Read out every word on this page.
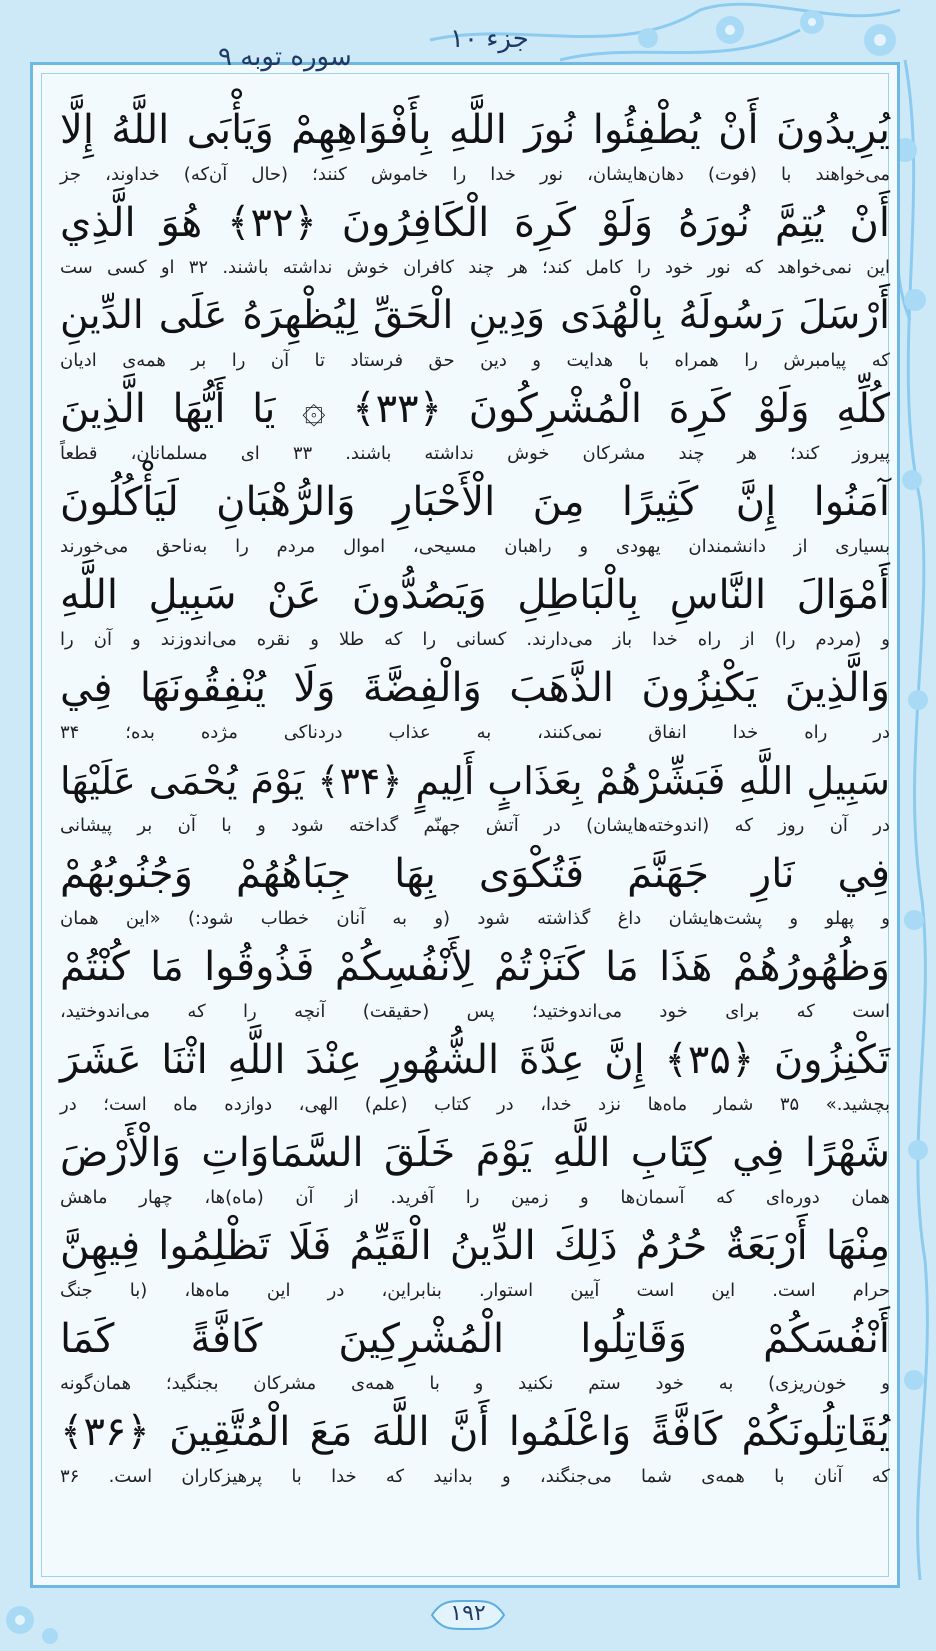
جزء ۱۰
سوره توبه ۹
يُرِيدُونَ أَنْ يُطْفِئُوا نُورَ اللَّهِ بِأَفْوَاهِهِمْ وَيَأْبَى اللَّهُ إِلَّا
می‌خواهند با (فوت) دهان‌هایشان، نور خدا را خاموش کنند؛ (حال آن‌که) خداوند، جز
أَنْ يُتِمَّ نُورَهُ وَلَوْ كَرِهَ الْكَافِرُونَ ﴿۳۲﴾ هُوَ الَّذِي
این نمی‌خواهد که نور خود را کامل کند؛ هر چند کافران خوش نداشته باشند. ۳۲ او کسی ست
أَرْسَلَ رَسُولَهُ بِالْهُدَى وَدِينِ الْحَقِّ لِيُظْهِرَهُ عَلَى الدِّينِ
که پیامبرش را همراه با هدایت و دین حق فرستاد تا آن را بر همه‌ی ادیان
كُلِّهِ وَلَوْ كَرِهَ الْمُشْرِكُونَ ﴿۳۳﴾ ۞ يَا أَيُّهَا الَّذِينَ
پیروز کند؛ هر چند مشرکان خوش نداشته باشند. ۳۳ ای مسلمانان، قطعاً
آمَنُوا إِنَّ كَثِيرًا مِنَ الْأَحْبَارِ وَالرُّهْبَانِ لَيَأْكُلُونَ
بسیاری از دانشمندان یهودی و راهبان مسیحی، اموال مردم را به‌ناحق می‌خورند
أَمْوَالَ النَّاسِ بِالْبَاطِلِ وَيَصُدُّونَ عَنْ سَبِيلِ اللَّهِ
و (مردم را) از راه خدا باز می‌دارند. کسانی را که طلا و نقره می‌اندوزند و آن را
وَالَّذِينَ يَكْنِزُونَ الذَّهَبَ وَالْفِضَّةَ وَلَا يُنْفِقُونَهَا فِي
در راه خدا انفاق نمی‌کنند، به عذاب دردناکی مژده بده؛ ۳۴
سَبِيلِ اللَّهِ فَبَشِّرْهُمْ بِعَذَابٍ أَلِيمٍ ﴿۳۴﴾ يَوْمَ يُحْمَى عَلَيْهَا
در آن روز که (اندوخته‌هایشان) در آتش جهنّم گداخته شود و با آن بر پیشانی
فِي نَارِ جَهَنَّمَ فَتُكْوَى بِهَا جِبَاهُهُمْ وَجُنُوبُهُمْ
و پهلو و پشت‌هایشان داغ گذاشته شود (و به آنان خطاب شود:) «این همان
وَظُهُورُهُمْ هَذَا مَا كَنَزْتُمْ لِأَنْفُسِكُمْ فَذُوقُوا مَا كُنْتُمْ
است که برای خود می‌اندوختید؛ پس (حقیقت) آنچه را که می‌اندوختید،
تَكْنِزُونَ ﴿۳۵﴾ إِنَّ عِدَّةَ الشُّهُورِ عِنْدَ اللَّهِ اثْنَا عَشَرَ
بچشید.» ۳۵ شمار ماه‌ها نزد خدا، در کتاب (علم) الهی، دوازده ماه است؛ در
شَهْرًا فِي كِتَابِ اللَّهِ يَوْمَ خَلَقَ السَّمَاوَاتِ وَالْأَرْضَ
همان دوره‌ای که آسمان‌ها و زمین را آفرید. از آن (ماه)ها، چهار ماهش
مِنْهَا أَرْبَعَةٌ حُرُمٌ ذَلِكَ الدِّينُ الْقَيِّمُ فَلَا تَظْلِمُوا فِيهِنَّ
حرام است. این است آیین استوار. بنابراین، در این ماه‌ها، (با جنگ
أَنْفُسَكُمْ وَقَاتِلُوا الْمُشْرِكِينَ كَافَّةً كَمَا
و خون‌ریزی) به خود ستم نکنید و با همه‌ی مشرکان بجنگید؛ همان‌گونه
يُقَاتِلُونَكُمْ كَافَّةً وَاعْلَمُوا أَنَّ اللَّهَ مَعَ الْمُتَّقِينَ ﴿۳۶﴾
که آنان با همه‌ی شما می‌جنگند، و بدانید که خدا با پرهیزکاران است. ۳۶
۱۹۲
